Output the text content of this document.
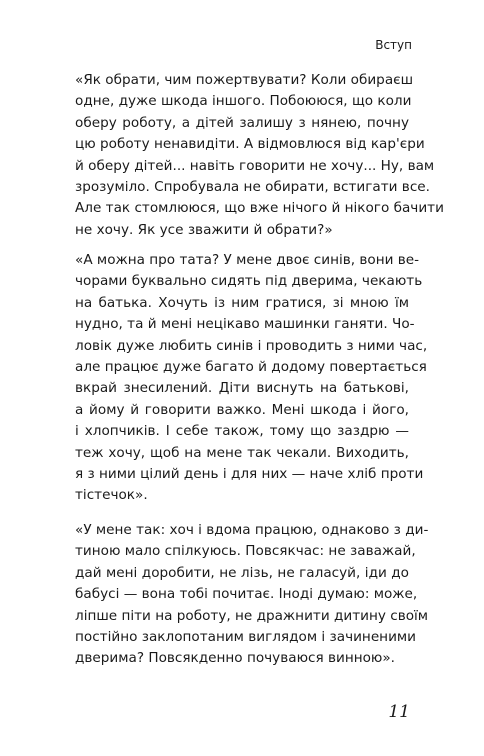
Вступ

«Як обрати, чим пожертвувати? Коли обираєш
одне, дуже шкода іншого. Побоююся, що коли
оберу роботу, а дітей залишу з нянею, почну
цю роботу ненавидіти. А відмовлюся від кар'єри
й оберу дітей... навіть говорити не хочу... Ну, вам
зрозуміло. Спробувала не обирати, встигати все.
Але так стомлююся, що вже нічого й нікого бачити
не хочу. Як усе зважити й обрати?»

«А можна про тата? У мене двоє синів, вони ве-
чорами буквально сидять під дверима, чекають
на батька. Хочуть із ним гратися, зі мною їм
нудно, та й мені нецікаво машинки ганяти. Чо-
ловік дуже любить синів і проводить з ними час,
але працює дуже багато й додому повертається
вкрай знесилений. Діти виснуть на батькові,
а йому й говорити важко. Мені шкода і його,
і хлопчиків. І себе також, тому що заздрю —
теж хочу, щоб на мене так чекали. Виходить,
я з ними цілий день і для них — наче хліб проти
тістечок».

«У мене так: хоч і вдома працюю, однаково з ди-
тиною мало спілкуюсь. Повсякчас: не заважай,
дай мені доробити, не лізь, не галасуй, іди до
бабусі — вона тобі почитає. Іноді думаю: може,
ліпше піти на роботу, не дражнити дитину своїм
постійно заклопотаним виглядом і зачиненими
дверима? Повсякденно почуваюся винною».

11
